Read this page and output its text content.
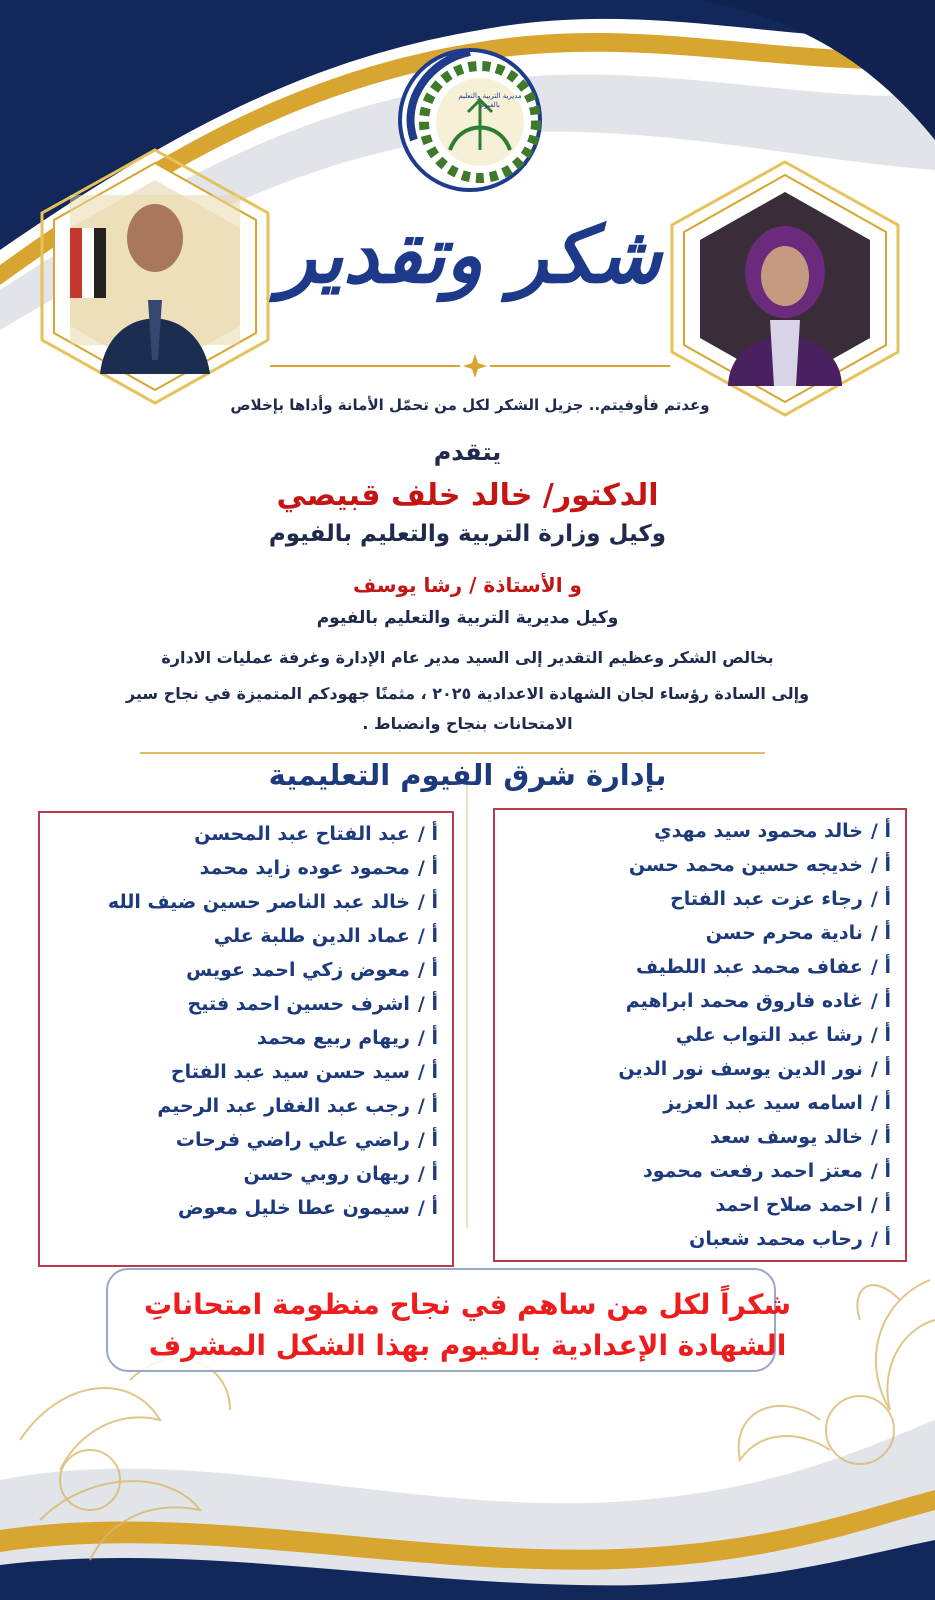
مديرية التربية والتعليم بالفيوم
شكر وتقدير
وعدتم فأوفيتم.. جزيل الشكر لكل من تحمّل الأمانة وأداها بإخلاص
يتقدم
الدكتور/ خالد خلف قبيصي
وكيل وزارة التربية والتعليم بالفيوم
و الأستاذة / رشا يوسف
وكيل مديرية التربية والتعليم بالفيوم
بخالص الشكر وعظيم التقدير إلى السيد مدير عام الإدارة وغرفة عمليات الادارة
وإلى السادة رؤساء لجان الشهادة الاعدادية ٢٠٢٥ ، مثمنًا جهودكم المتميزة في نجاح سير
الامتحانات بنجاح وانضباط .
بإدارة شرق الفيوم التعليمية
أ /خالد محمود سيد مهدي
أ /خديجه حسين محمد حسن
أ /رجاء عزت عبد الفتاح
أ /نادية محرم حسن
أ /عفاف محمد عبد اللطيف
أ /غاده فاروق محمد ابراهيم
أ /رشا عبد التواب علي
أ /نور الدين يوسف نور الدين
أ /اسامه سيد عبد العزيز
أ /خالد يوسف سعد
أ /معتز احمد رفعت محمود
أ /احمد صلاح احمد
أ /رحاب محمد شعبان
أ /عبد الفتاح عبد المحسن
أ /محمود عوده زايد محمد
أ /خالد عبد الناصر حسين ضيف الله
أ /عماد الدين طلبة علي
أ /معوض زكي احمد عويس
أ /اشرف حسين احمد فتيح
أ /ريهام ربيع محمد
أ /سيد حسن سيد عبد الفتاح
أ /رجب عبد الغفار عبد الرحيم
أ /راضي علي راضي فرحات
أ /ريهان روبي حسن
أ /سيمون عطا خليل معوض
شكراً لكل من ساهم في نجاح منظومة امتحاناتِ
الشهادة الإعدادية بالفيوم بهذا الشكل المشرف
